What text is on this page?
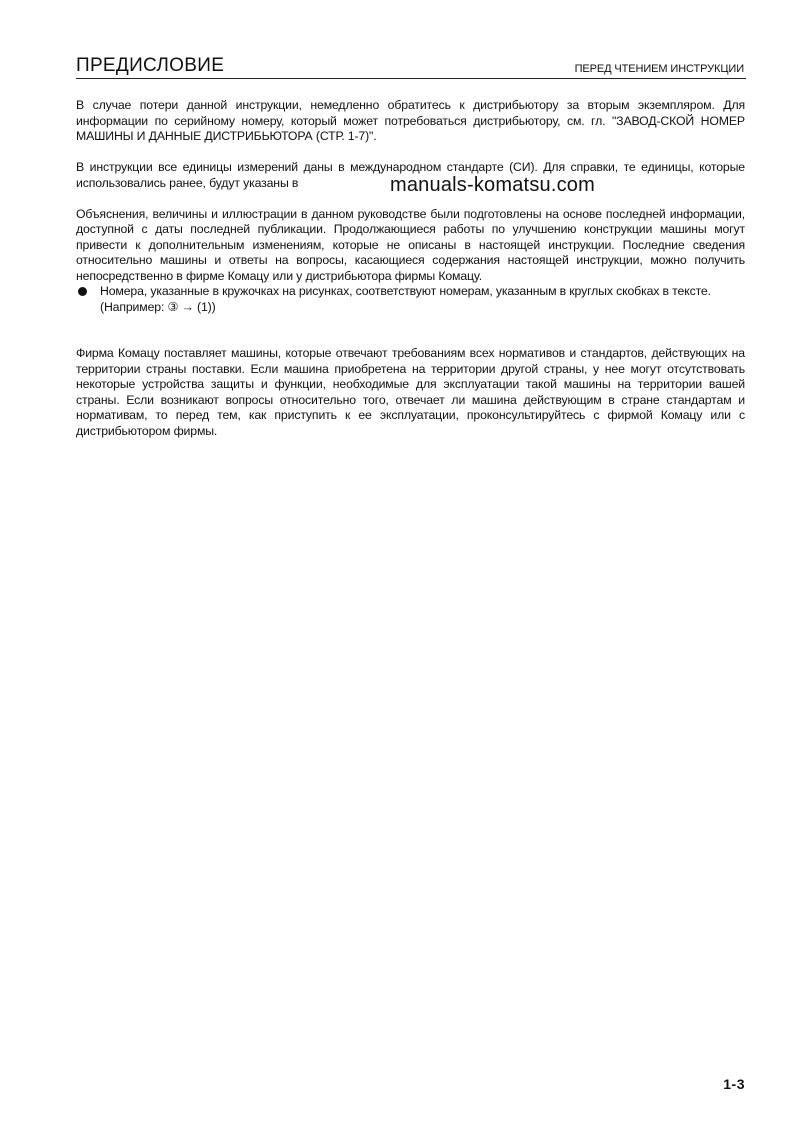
ПРЕДИСЛОВИЕ	ПЕРЕД ЧТЕНИЕМ ИНСТРУКЦИИ

В случае потери данной инструкции, немедленно обратитесь к дистрибьютору за вторым экземпляром. Для информации по серийному номеру, который может потребоваться дистрибьютору, см. гл. "ЗАВОД-СКОЙ НОМЕР МАШИНЫ И ДАННЫЕ ДИСТРИБЬЮТОРА (СТР. 1-7)".

В инструкции все единицы измерений даны в международном стандарте (СИ). Для справки, те единицы, которые использовались ранее, будут указаны в

Объяснения, величины и иллюстрации в данном руководстве были подготовлены на основе последней информации, доступной с даты последней публикации. Продолжающиеся работы по улучшению конструкции машины могут привести к дополнительным изменениям, которые не описаны в настоящей инструкции. Последние сведения относительно машины и ответы на вопросы, касающиеся содержания настоящей инструкции, можно получить непосредственно в фирме Комацу или у дистрибьютора фирмы Комацу.

Номера, указанные в кружочках на рисунках, соответствуют номерам, указанным в круглых скобках в тексте.

(Например: ③ → (1))

Фирма Комацу поставляет машины, которые отвечают требованиям всех нормативов и стандартов, действующих на территории страны поставки. Если машина приобретена на территории другой страны, у нее могут отсутствовать некоторые устройства защиты и функции, необходимые для эксплуатации такой машины на территории вашей страны. Если возникают вопросы относительно того, отвечает ли машина действующим в стране стандартам и нормативам, то перед тем, как приступить к ее эксплуатации, проконсультируйтесь с фирмой Комацу или с дистрибьютором фирмы.

manuals-komatsu.com
1-3
